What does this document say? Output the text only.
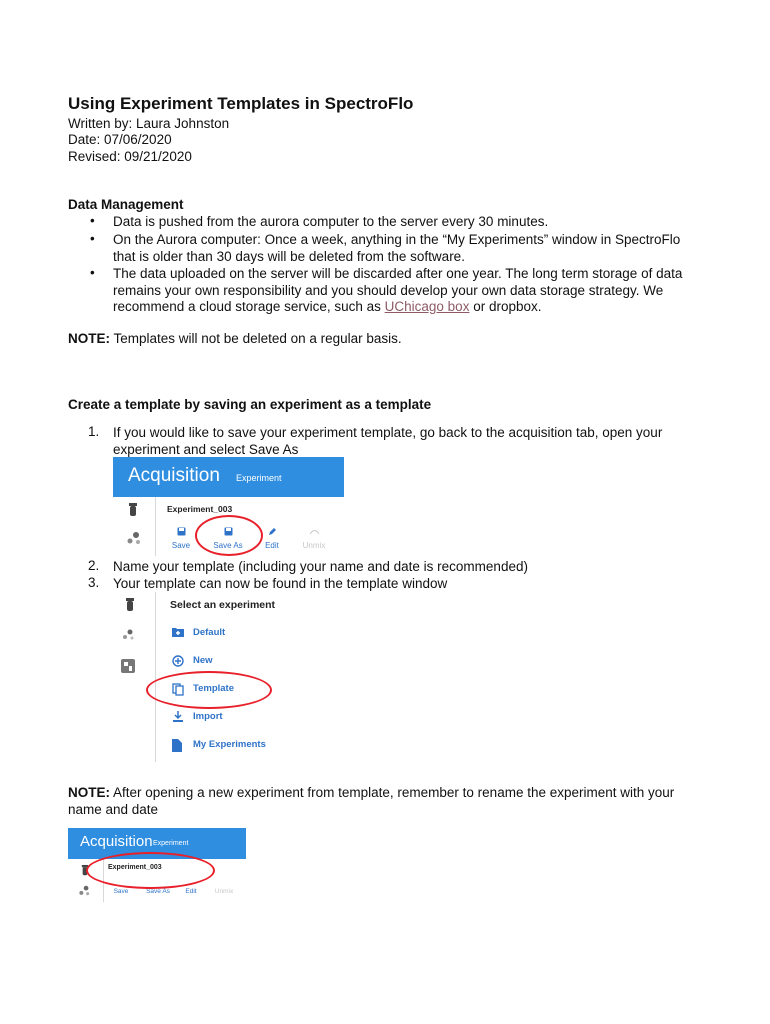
Using Experiment Templates in SpectroFlo
Written by: Laura Johnston
Date: 07/06/2020
Revised: 09/21/2020
Data Management
• Data is pushed from the aurora computer to the server every 30 minutes.
• On the Aurora computer: Once a week, anything in the “My Experiments” window in SpectroFlo
that is older than 30 days will be deleted from the software.
• The data uploaded on the server will be discarded after one year. The long term storage of data
remains your own responsibility and you should develop your own data storage strategy. We
recommend a cloud storage service, such as UChicago box or dropbox.
NOTE: Templates will not be deleted on a regular basis.
Create a template by saving an experiment as a template
1. If you would like to save your experiment template, go back to the acquisition tab, open your
experiment and select Save As
Acquisition Experiment
Experiment_003
Save	Save As	Edit	Unmix
2. Name your template (including your name and date is recommended)
3. Your template can now be found in the template window
Select an experiment
Default
New
Template
Import
My Experiments
NOTE: After opening a new experiment from template, remember to rename the experiment with your
name and date
Acquisition Experiment
Experiment_003
Save	Save As	Edit	Unmix
